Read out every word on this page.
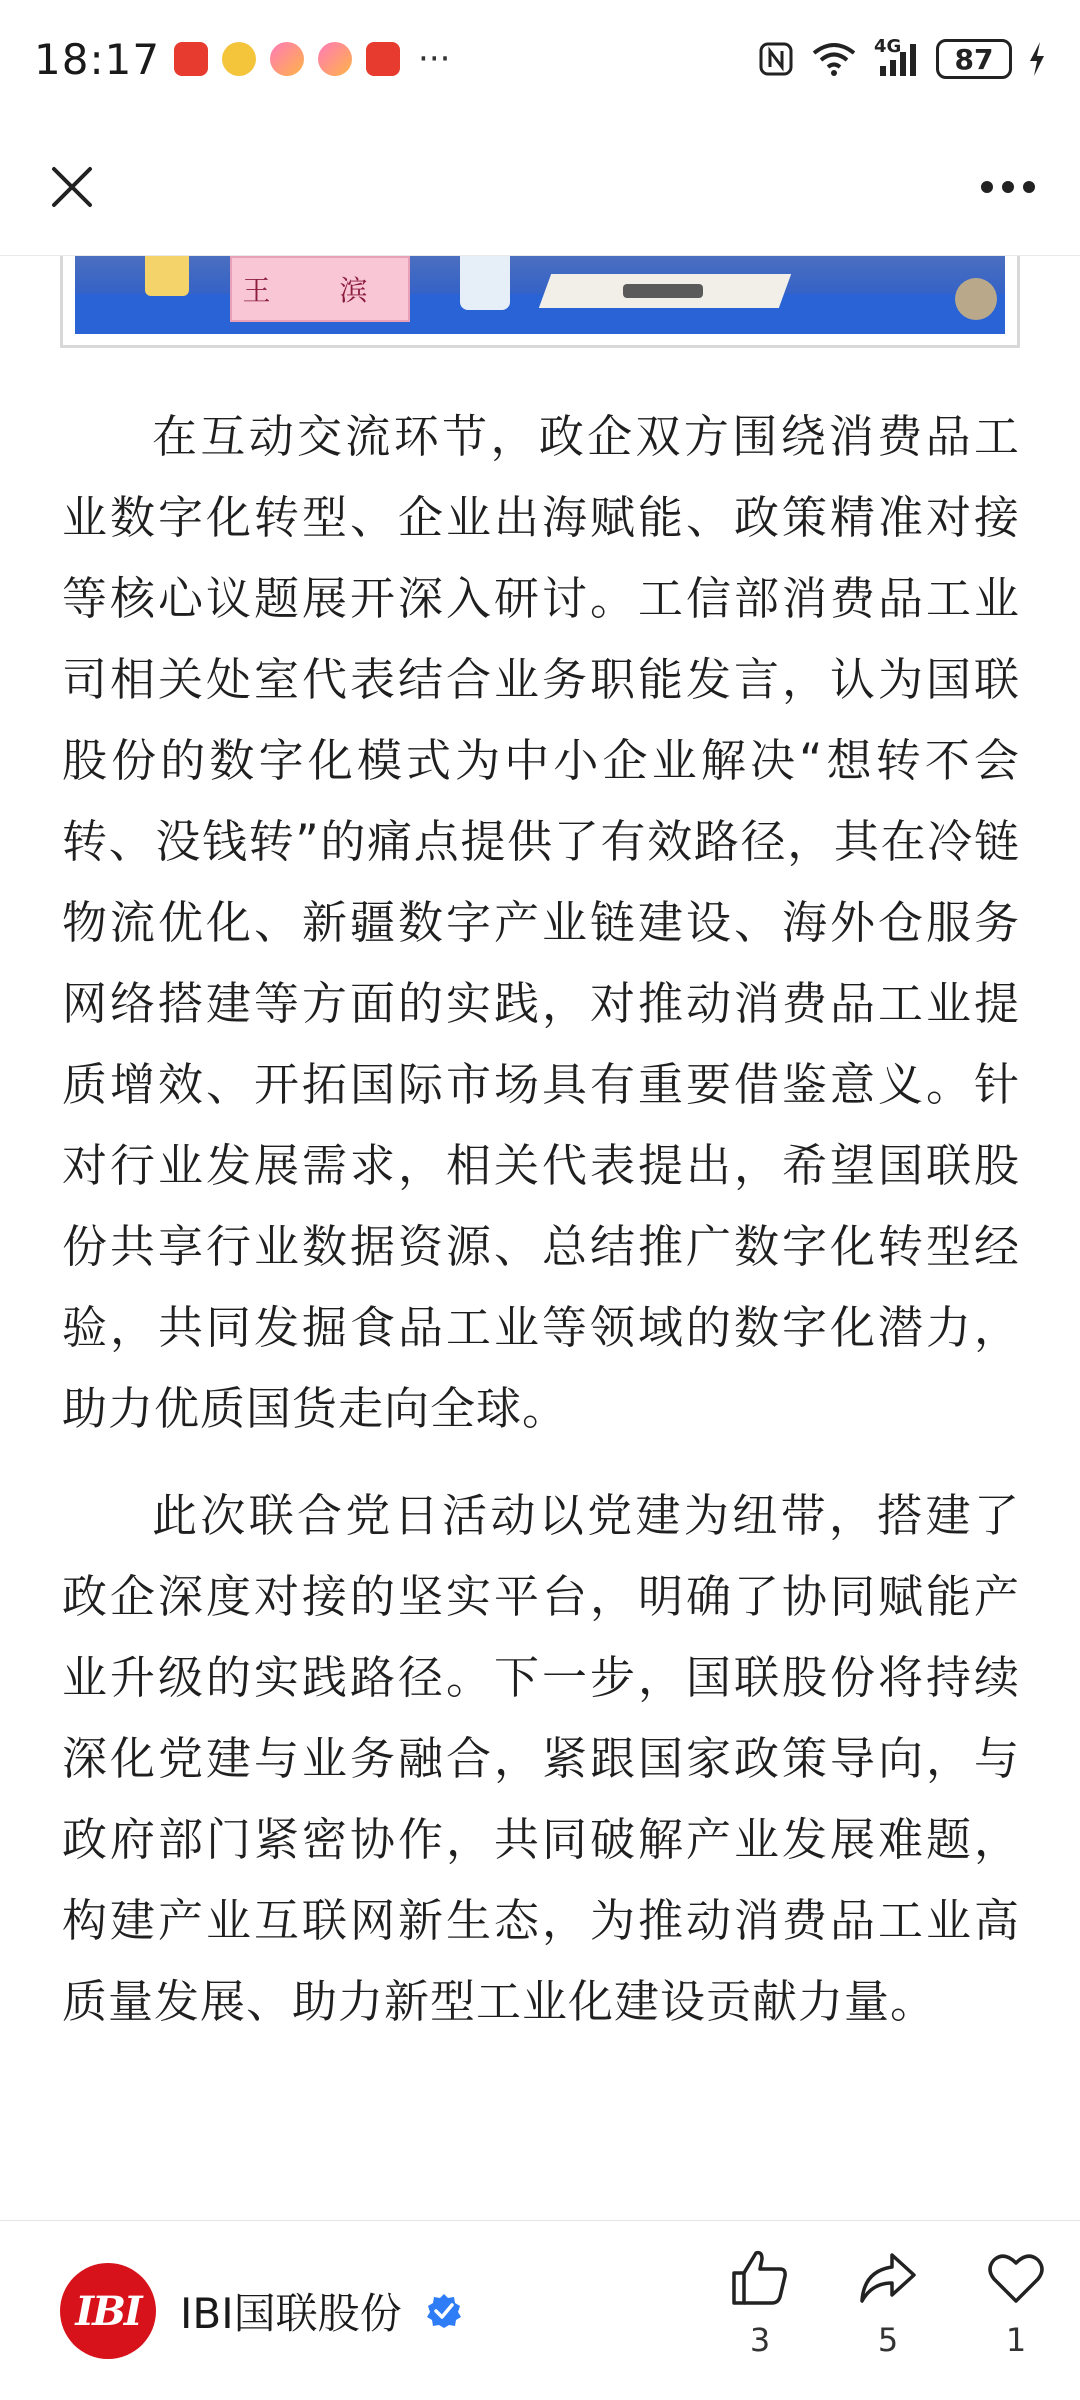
18:17	···	4G	87
王 滨

在互动交流环节，政企双方围绕消费品工业数字化转型、企业出海赋能、政策精准对接等核心议题展开深入研讨。工信部消费品工业司相关处室代表结合业务职能发言，认为国联股份的数字化模式为中小企业解决“想转不会转、没钱转”的痛点提供了有效路径，其在冷链物流优化、新疆数字产业链建设、海外仓服务网络搭建等方面的实践，对推动消费品工业提质增效、开拓国际市场具有重要借鉴意义。针对行业发展需求，相关代表提出，希望国联股份共享行业数据资源、总结推广数字化转型经验，共同发掘食品工业等领域的数字化潜力，助力优质国货走向全球。

此次联合党日活动以党建为纽带，搭建了政企深度对接的坚实平台，明确了协同赋能产业升级的实践路径。下一步，国联股份将持续深化党建与业务融合，紧跟国家政策导向，与政府部门紧密协作，共同破解产业发展难题，构建产业互联网新生态，为推动消费品工业高质量发展、助力新型工业化建设贡献力量。

IBI IBI国联股份
3	5	1
